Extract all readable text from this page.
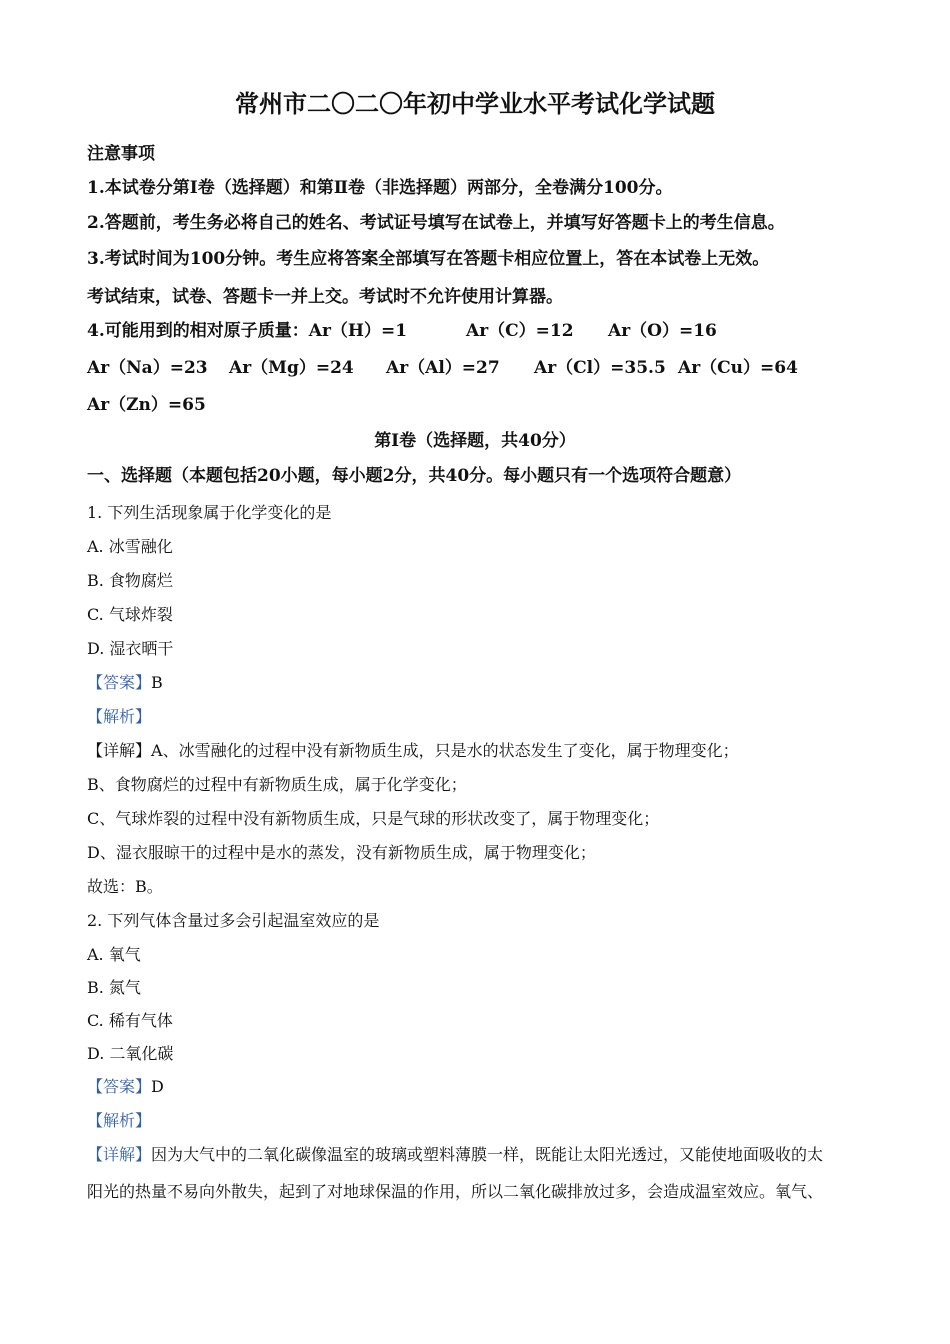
常州市二〇二〇年初中学业水平考试化学试题
注意事项
1.本试卷分第Ⅰ卷（选择题）和第Ⅱ卷（非选择题）两部分，全卷满分100分。
2.答题前，考生务必将自己的姓名、考试证号填写在试卷上，并填写好答题卡上的考生信息。
3.考试时间为100分钟。考生应将答案全部填写在答题卡相应位置上，答在本试卷上无效。
考试结束，试卷、答题卡一并上交。考试时不允许使用计算器。
4.可能用到的相对原子质量：Ar（H）=1	Ar（C）=12 Ar（O）=16
Ar（Na）=23 Ar（Mg）=24 Ar（Al）=27 Ar（Cl）=35.5 Ar（Cu）=64
Ar（Zn）=65
第Ⅰ卷（选择题，共40分）
一、选择题（本题包括20小题，每小题2分，共40分。每小题只有一个选项符合题意）
1. 下列生活现象属于化学变化的是
A. 冰雪融化
B. 食物腐烂
C. 气球炸裂
D. 湿衣晒干
【答案】B
【解析】
【详解】A、冰雪融化的过程中没有新物质生成，只是水的状态发生了变化，属于物理变化；
B、食物腐烂的过程中有新物质生成，属于化学变化；
C、气球炸裂的过程中没有新物质生成，只是气球的形状改变了，属于物理变化；
D、湿衣服晾干的过程中是水的蒸发，没有新物质生成，属于物理变化；
故选：B。
2. 下列气体含量过多会引起温室效应的是
A. 氧气
B. 氮气
C. 稀有气体
D. 二氧化碳
【答案】D
【解析】
【详解】因为大气中的二氧化碳像温室的玻璃或塑料薄膜一样，既能让太阳光透过，又能使地面吸收的太
阳光的热量不易向外散失，起到了对地球保温的作用，所以二氧化碳排放过多，会造成温室效应。氧气、
